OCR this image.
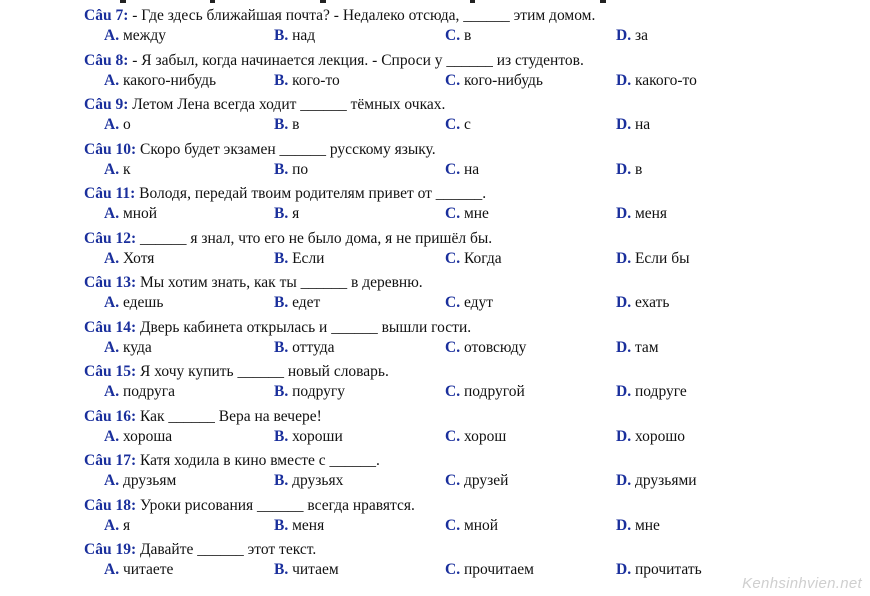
Câu 7: - Где здесь ближайшая почта? - Недалеко отсюда, ______ этим домом.
A. между	B. над	C. в	D. за
Câu 8: - Я забыл, когда начинается лекция. - Спроси у ______ из студентов.
A. какого-нибудь	B. кого-то	C. кого-нибудь	D. какого-то
Câu 9: Летом Лена всегда ходит ______ тёмных очках.
A. о	B. в	C. с	D. на
Câu 10: Скоро будет экзамен ______ русскому языку.
A. к	B. по	C. на	D. в
Câu 11: Володя, передай твоим родителям привет от ______.
A. мной	B. я	C. мне	D. меня
Câu 12: ______ я знал, что его не было дома, я не пришёл бы.
A. Хотя	B. Если	C. Когда	D. Если бы
Câu 13: Мы хотим знать, как ты ______ в деревню.
A. едешь	B. едет	C. едут	D. ехать
Câu 14: Дверь кабинета открылась и ______ вышли гости.
A. куда	B. оттуда	C. отовсюду	D. там
Câu 15: Я хочу купить ______ новый словарь.
A. подруга	B. подругу	C. подругой	D. подруге
Câu 16: Как ______ Вера на вечере!
A. хороша	B. хороши	C. хорош	D. хорошо
Câu 17: Катя ходила в кино вместе с ______.
A. друзьям	B. друзьях	C. друзей	D. друзьями
Câu 18: Уроки рисования ______ всегда нравятся.
A. я	B. меня	C. мной	D. мне
Câu 19: Давайте ______ этот текст.
A. читаете	B. читаем	C. прочитаем	D. прочитать
Kenhsinhvien.net
